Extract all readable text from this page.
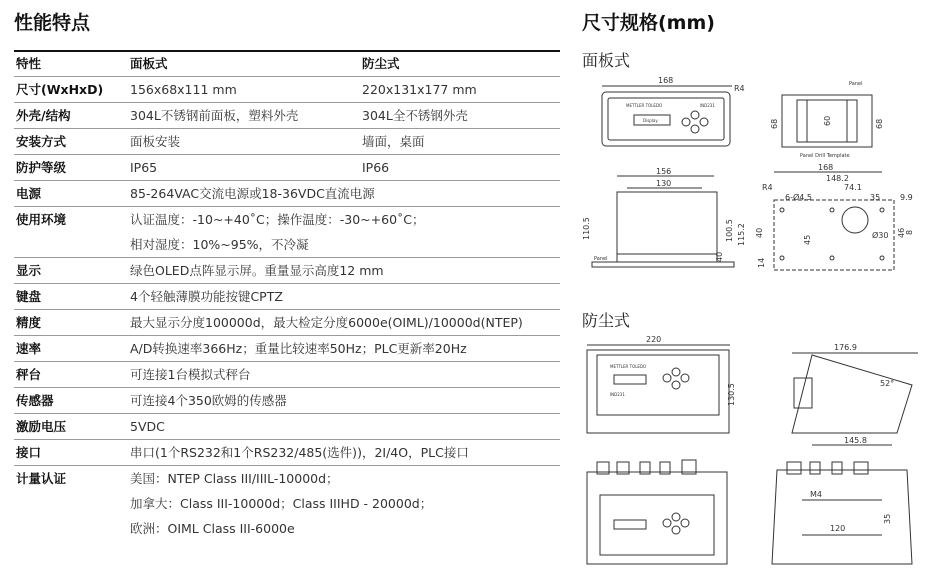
性能特点
特性	面板式	防尘式
尺寸(WxHxD)	156x68x111 mm	220x131x177 mm
外壳/结构	304L不锈钢前面板，塑料外壳	304L全不锈钢外壳
安装方式	面板安装	墙面，桌面
防护等级	IP65	IP66
电源	85-264VAC交流电源或18-36VDC直流电源	
使用环境	认证温度：-10~+40˚C；操作温度：-30~+60˚C；	
	相对湿度：10%~95%，不冷凝	
显示	绿色OLED点阵显示屏。重量显示高度12 mm	
键盘	4个轻触薄膜功能按键CPTZ	
精度	最大显示分度100000d，最大检定分度6000e(OIML)/10000d(NTEP)	
速率	A/D转换速率366Hz；重量比较速率50Hz；PLC更新率20Hz	
秤台	可连接1台模拟式秤台	
传感器	可连接4个350欧姆的传感器	
激励电压	5VDC	
接口	串口(1个RS232和1个RS232/485(选件))，2I/4O，PLC接口	
计量认证	美国：NTEP Class III/IIIL-10000d；	
	加拿大：Class III-10000d；Class IIIHD - 20000d；	
	欧洲：OIML Class III-6000e	
尺寸规格(mm)
面板式
防尘式
168
R4
METTLER TOLEDO	IND231
Display
Panel
68	60	68
Panel Drill Template
156
130
110.5	100.5 115.2
40
Panel
168
148.2
74.1
R4
6-Ø4.5	35 9.9
45	Ø30
40	46 8
14
220
METTLER TOLEDO
IND231	130.5
176.9
52°
145.8
M4
120
35
